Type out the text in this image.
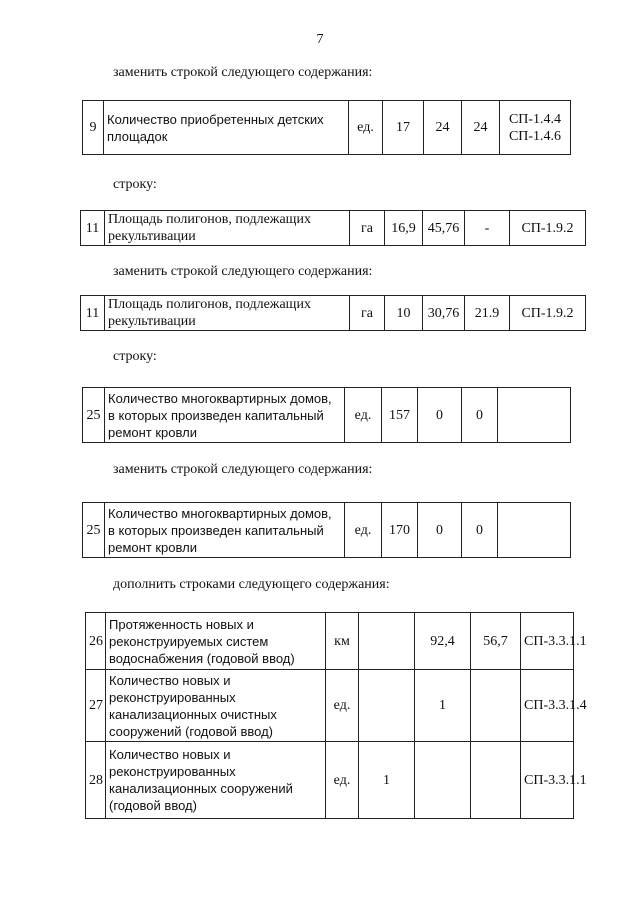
7
заменить строкой следующего содержания:
9	Количество приобретенных детских площадок	ед.	17	24	24	СП-1.4.4 СП-1.4.6
строку:
11	Площадь полигонов, подлежащих рекультивации	га	16,9	45,76	-	СП-1.9.2
заменить строкой следующего содержания:
11	Площадь полигонов, подлежащих рекультивации	га	10	30,76	21.9	СП-1.9.2
строку:
25	Количество многоквартирных домов, в которых произведен капитальный ремонт кровли	ед.	157	0	0	
заменить строкой следующего содержания:
25	Количество многоквартирных домов, в которых произведен капитальный ремонт кровли	ед.	170	0	0	
дополнить строками следующего содержания:
26	Протяженность новых и реконструируемых систем водоснабжения (годовой ввод)	км		92,4	56,7	СП-3.3.1.1
27	Количество новых и реконструированных канализационных очистных сооружений (годовой ввод)	ед.		1		СП-3.3.1.4
28	Количество новых и реконструированных канализационных сооружений (годовой ввод)	ед.	1			СП-3.3.1.1
